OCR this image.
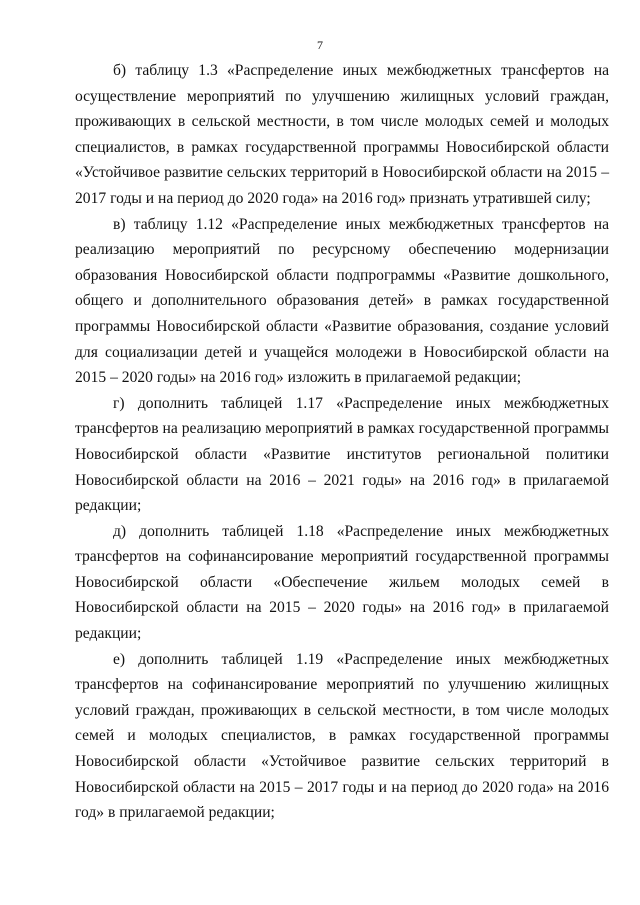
7

б) таблицу 1.3 «Распределение иных межбюджетных трансфертов на осуществление мероприятий по улучшению жилищных условий граждан, проживающих в сельской местности, в том числе молодых семей и молодых специалистов, в рамках государственной программы Новосибирской области «Устойчивое развитие сельских территорий в Новосибирской области на 2015 – 2017 годы и на период до 2020 года» на 2016 год» признать утратившей силу;

в) таблицу 1.12 «Распределение иных межбюджетных трансфертов на реализацию мероприятий по ресурсному обеспечению модернизации образования Новосибирской области подпрограммы «Развитие дошкольного, общего и дополнительного образования детей» в рамках государственной программы Новосибирской области «Развитие образования, создание условий для социализации детей и учащейся молодежи в Новосибирской области на 2015 – 2020 годы» на 2016 год» изложить в прилагаемой редакции;

г) дополнить таблицей 1.17 «Распределение иных межбюджетных трансфертов на реализацию мероприятий в рамках государственной программы Новосибирской области «Развитие институтов региональной политики Новосибирской области на 2016 – 2021 годы» на 2016 год» в прилагаемой редакции;

д) дополнить таблицей 1.18 «Распределение иных межбюджетных трансфертов на софинансирование мероприятий государственной программы Новосибирской области «Обеспечение жильем молодых семей в Новосибирской области на 2015 – 2020 годы» на 2016 год» в прилагаемой редакции;

е) дополнить таблицей 1.19 «Распределение иных межбюджетных трансфертов на софинансирование мероприятий по улучшению жилищных условий граждан, проживающих в сельской местности, в том числе молодых семей и молодых специалистов, в рамках государственной программы Новосибирской области «Устойчивое развитие сельских территорий в Новосибирской области на 2015 – 2017 годы и на период до 2020 года» на 2016 год» в прилагаемой редакции;
